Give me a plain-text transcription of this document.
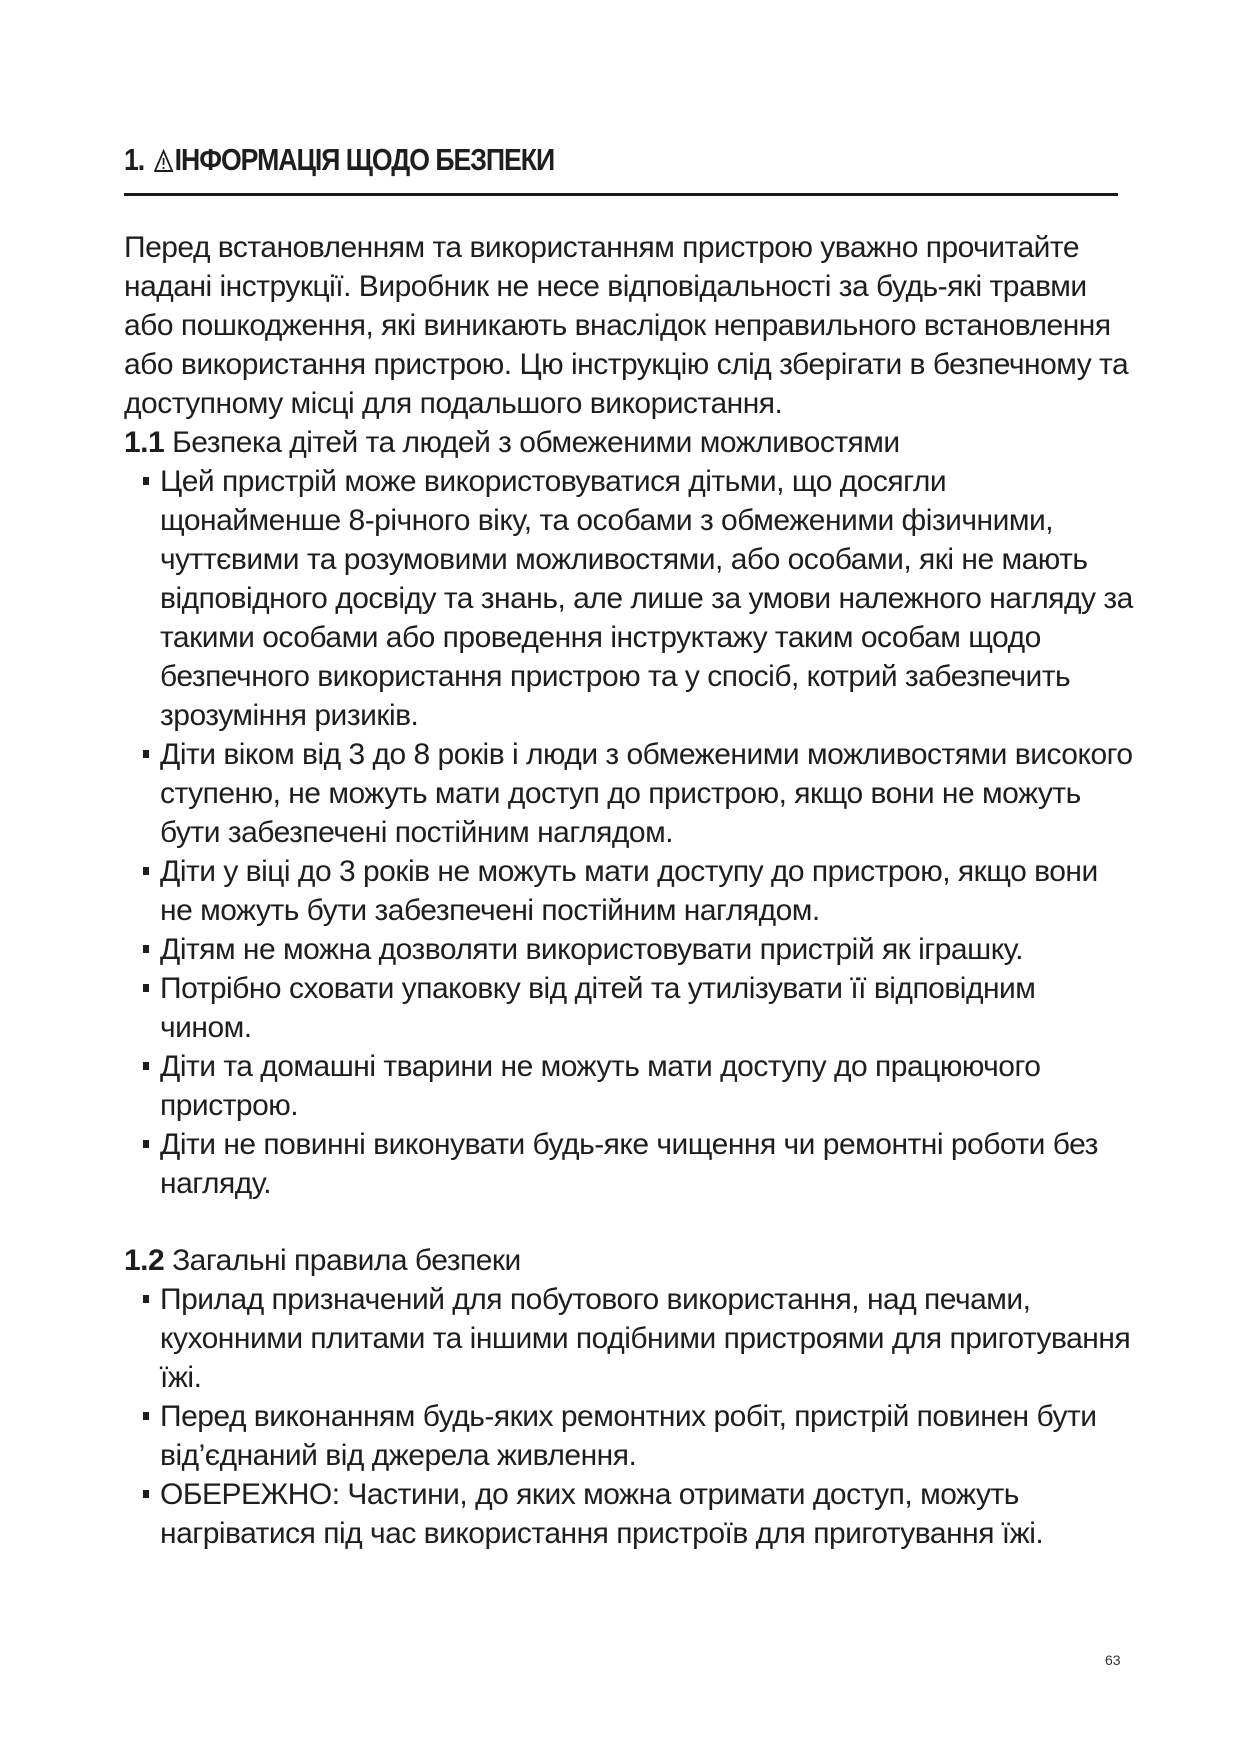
1. ІНФОРМАЦІЯ ЩОДО БЕЗПЕКИ

Перед встановленням та використанням пристрою уважно прочитайте надані інструкції. Виробник не несе відповідальності за будь-які травми або пошкодження, які виникають внаслідок неправильного встановлення або використання пристрою. Цю інструкцію слід зберігати в безпечному та доступному місці для подальшого використання.

1.1 Безпека дітей та людей з обмеженими можливостями

Цей пристрій може використовуватися дітьми, що досягли щонайменше 8-річного віку, та особами з обмеженими фізичними, чуттєвими та розумовими можливостями, або особами, які не мають відповідного досвіду та знань, але лише за умови належного нагляду за такими особами або проведення інструктажу таким особам щодо безпечного використання пристрою та у спосіб, котрий забезпечить зрозуміння ризиків.
Діти віком від 3 до 8 років і люди з обмеженими можливостями високого ступеню, не можуть мати доступ до пристрою, якщо вони не можуть бути забезпечені постійним наглядом.
Діти у віці до 3 років не можуть мати доступу до пристрою, якщо вони не можуть бути забезпечені постійним наглядом.
Дітям не можна дозволяти використовувати пристрій як іграшку.
Потрібно сховати упаковку від дітей та утилізувати її відповідним чином.
Діти та домашні тварини не можуть мати доступу до працюючого пристрою.
Діти не повинні виконувати будь-яке чищення чи ремонтні роботи без нагляду.

1.2 Загальні правила безпеки

Прилад призначений для побутового використання, над печами, кухонними плитами та іншими подібними пристроями для приготування їжі.
Перед виконанням будь-яких ремонтних робіт, пристрій повинен бути від’єднаний від джерела живлення.
ОБЕРЕЖНО: Частини, до яких можна отримати доступ, можуть нагріватися під час використання пристроїв для приготування їжі.
63
